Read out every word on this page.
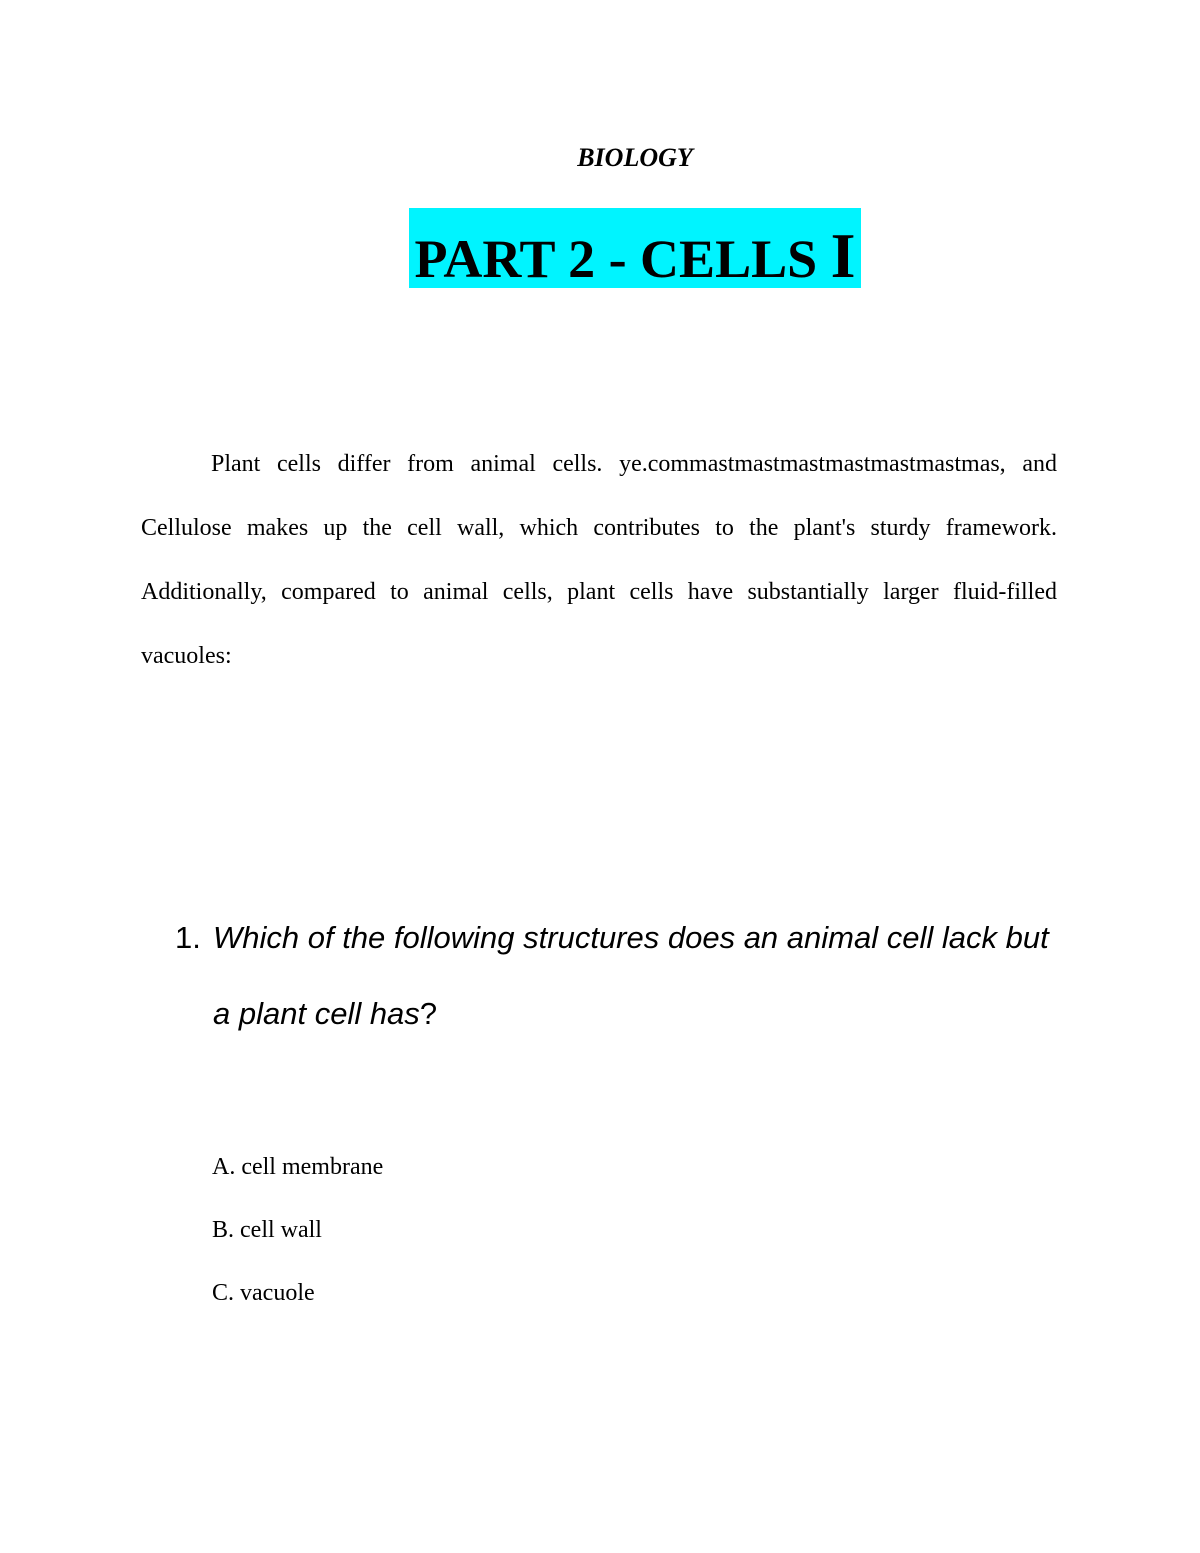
BIOLOGY
PART 2 - CELLS I

Plant cells differ from animal cells. ye.commastmastmastmastmastmastmas, and Cellulose makes up the cell wall, which contributes to the plant's sturdy framework. Additionally, compared to animal cells, plant cells have substantially larger fluid-filled vacuoles:

1. Which of the following structures does an animal cell lack but a plant cell has?
A. cell membrane
B. cell wall
C. vacuole
